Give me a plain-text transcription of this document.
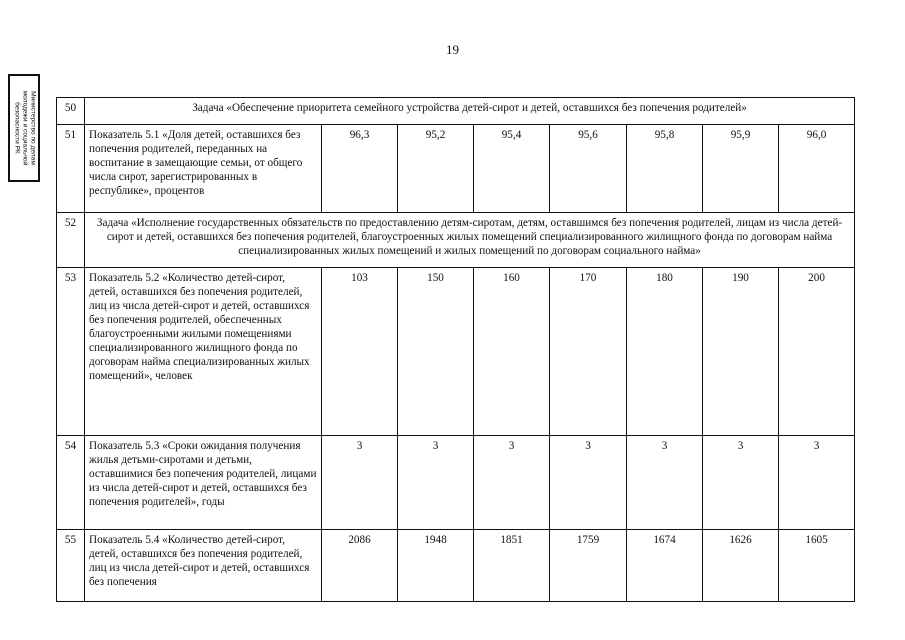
19
Министерство по делам
молодежи и социальной
безопасности РК	50	Задача «Обеспечение приоритета семейного устройства детей-сирот и детей, оставшихся без попечения родителей»							
51	Показатель 5.1 «Доля детей, оставшихся без попечения родителей, переданных на воспитание в замещающие семьи, от общего числа сирот, зарегистрированных в республике», процентов	96,3	95,2	95,4	95,6	95,8	95,9	96,0
52	Задача «Исполнение государственных обязательств по предоставлению детям-сиротам, детям, оставшимся без попечения родителей, лицам из числа детей-сирот и детей, оставшихся без попечения родителей, благоустроенных жилых помещений специализированного жилищного фонда по договорам найма специализированных жилых помещений и жилых помещений по договорам социального найма»							
53	Показатель 5.2 «Количество детей-сирот, детей, оставшихся без попечения родителей, лиц из числа детей-сирот и детей, оставшихся без попечения родителей, обеспеченных благоустроенными жилыми помещениями специализированного жилищного фонда по договорам найма специализированных жилых помещений», человек	103	150	160	170	180	190	200
54	Показатель 5.3 «Сроки ожидания получения жилья детьми-сиротами и детьми, оставшимися без попечения родителей, лицами из числа детей-сирот и детей, оставшихся без попечения родителей», годы	3	3	3	3	3	3	3
55	Показатель 5.4 «Количество детей-сирот, детей, оставшихся без попечения родителей, лиц из числа детей-сирот и детей, оставшихся без попечения	2086	1948	1851	1759	1674	1626	1605
